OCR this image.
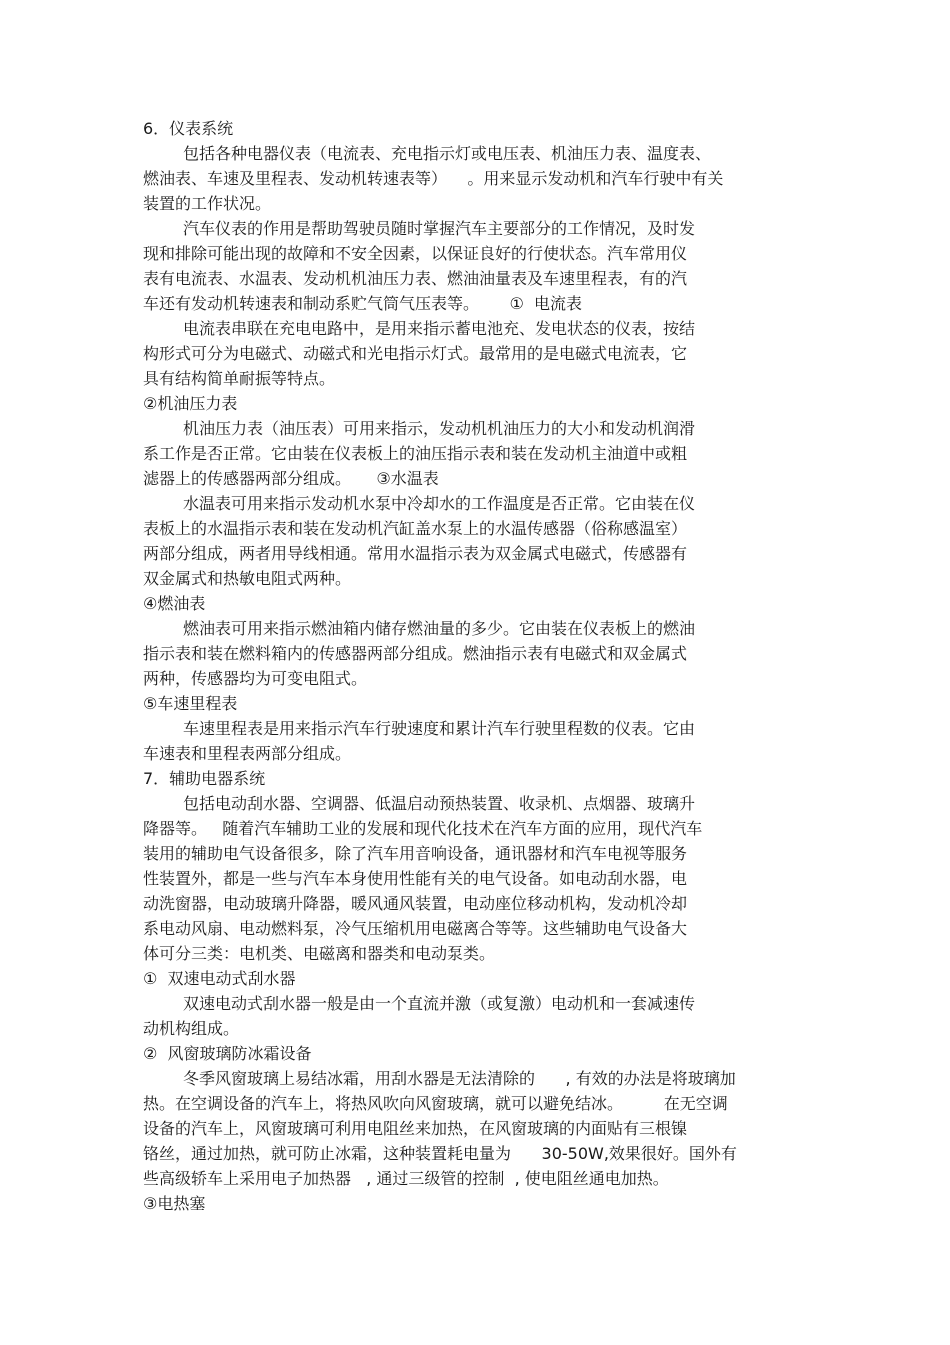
6．仪表系统
包括各种电器仪表（电流表、充电指示灯或电压表、机油压力表、温度表、
燃油表、车速及里程表、发动机转速表等）    。用来显示发动机和汽车行驶中有关
装置的工作状况。
汽车仪表的作用是帮助驾驶员随时掌握汽车主要部分的工作情况，及时发
现和排除可能出现的故障和不安全因素，以保证良好的行使状态。汽车常用仪
表有电流表、水温表、发动机机油压力表、燃油油量表及车速里程表，有的汽
车还有发动机转速表和制动系贮气筒气压表等。      ①  电流表
电流表串联在充电电路中，是用来指示蓄电池充、发电状态的仪表，按结
构形式可分为电磁式、动磁式和光电指示灯式。最常用的是电磁式电流表，它
具有结构简单耐振等特点。
②机油压力表
机油压力表（油压表）可用来指示，发动机机油压力的大小和发动机润滑
系工作是否正常。它由装在仪表板上的油压指示表和装在发动机主油道中或粗
滤器上的传感器两部分组成。     ③水温表
水温表可用来指示发动机水泵中冷却水的工作温度是否正常。它由装在仪
表板上的水温指示表和装在发动机汽缸盖水泵上的水温传感器（俗称感温室）
两部分组成，两者用导线相通。常用水温指示表为双金属式电磁式，传感器有
双金属式和热敏电阻式两种。
④燃油表
燃油表可用来指示燃油箱内储存燃油量的多少。它由装在仪表板上的燃油
指示表和装在燃料箱内的传感器两部分组成。燃油指示表有电磁式和双金属式
两种，传感器均为可变电阻式。
⑤车速里程表
车速里程表是用来指示汽车行驶速度和累计汽车行驶里程数的仪表。它由
车速表和里程表两部分组成。
7．辅助电器系统
包括电动刮水器、空调器、低温启动预热装置、收录机、点烟器、玻璃升
降器等。   随着汽车辅助工业的发展和现代化技术在汽车方面的应用，现代汽车
装用的辅助电气设备很多，除了汽车用音响设备，通讯器材和汽车电视等服务
性装置外，都是一些与汽车本身使用性能有关的电气设备。如电动刮水器，电
动洗窗器，电动玻璃升降器，暖风通风装置，电动座位移动机构，发动机冷却
系电动风扇、电动燃料泵，冷气压缩机用电磁离合等等。这些辅助电气设备大
体可分三类：电机类、电磁离和器类和电动泵类。
①  双速电动式刮水器
双速电动式刮水器一般是由一个直流并激（或复激）电动机和一套减速传
动机构组成。
②  风窗玻璃防冰霜设备
冬季风窗玻璃上易结冰霜，用刮水器是无法清除的      , 有效的办法是将玻璃加
热。在空调设备的汽车上，将热风吹向风窗玻璃，就可以避免结冰。        在无空调
设备的汽车上，风窗玻璃可利用电阻丝来加热，在风窗玻璃的内面贴有三根镍
铬丝，通过加热，就可防止冰霜，这种装置耗电量为      30-50W,效果很好。国外有
些高级轿车上采用电子加热器   , 通过三级管的控制  , 使电阻丝通电加热。
③电热塞
